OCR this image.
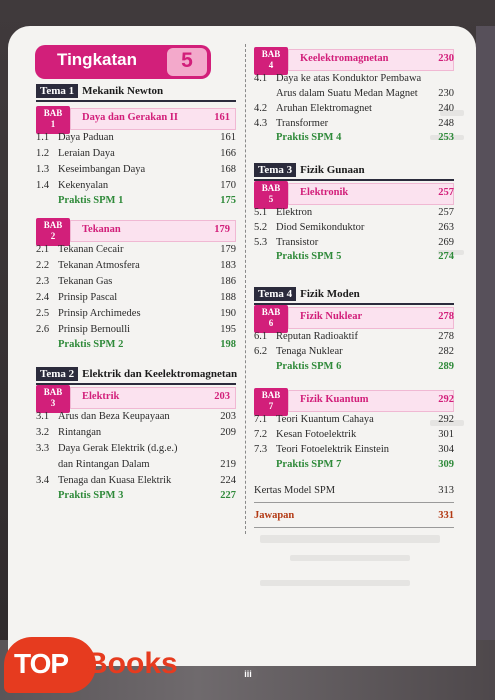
Tingkatan	5
Tema 1 Mekanik Newton
BAB
1
Daya dan Gerakan II	161
1.1 Daya Paduan	161
1.2 Leraian Daya	166
1.3 Keseimbangan Daya	168
1.4 Kekenyalan	170
Praktis SPM 1	175
BAB
2
Tekanan	179
2.1 Tekanan Cecair	179
2.2 Tekanan Atmosfera	183
2.3 Tekanan Gas	186
2.4 Prinsip Pascal	188
2.5 Prinsip Archimedes	190
2.6 Prinsip Bernoulli	195
Praktis SPM 2	198
Tema 2 Elektrik dan Keelektromagnetan
BAB
3
Elektrik	203
3.1 Arus dan Beza Keupayaan	203
3.2 Rintangan	209
3.3 Daya Gerak Elektrik (d.g.e.)
dan Rintangan Dalam	219
3.4 Tenaga dan Kuasa Elektrik	224
Praktis SPM 3	227
BAB
4
Keelektromagnetan	230
4.1 Daya ke atas Konduktor Pembawa
Arus dalam Suatu Medan Magnet	230
4.2 Aruhan Elektromagnet	240
4.3 Transformer	248
Praktis SPM 4	253
Tema 3 Fizik Gunaan
BAB
5
Elektronik	257
5.1 Elektron	257
5.2 Diod Semikonduktor	263
5.3 Transistor	269
Praktis SPM 5	274
Tema 4 Fizik Moden
BAB
6
Fizik Nuklear	278
6.1 Reputan Radioaktif	278
6.2 Tenaga Nuklear	282
Praktis SPM 6	289
BAB
7
Fizik Kuantum	292
7.1 Teori Kuantum Cahaya	292
7.2 Kesan Fotoelektrik	301
7.3 Teori Fotoelektrik Einstein	304
Praktis SPM 7	309
Kertas Model SPM	313
Jawapan	331
iii
TOP Books
